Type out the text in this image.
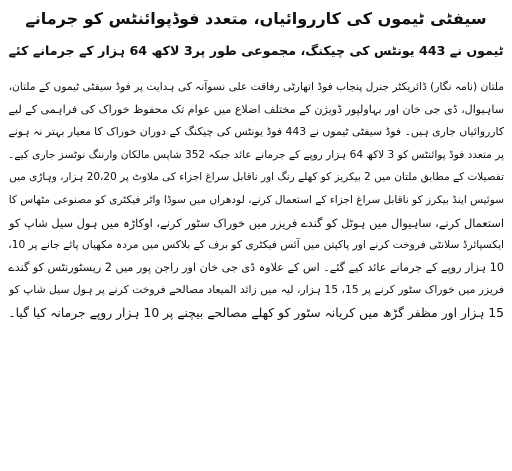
سیفٹی ٹیموں کی کارروائیاں، متعدد فوڈپوائنٹس کو جرمانے
ٹیموں نے 443 یونٹس کی چیکنگ، مجموعی طور پر3 لاکھ 64 ہزار کے جرمانے کئے
ملتان (نامہ نگار) ڈائریکٹر جنرل پنجاب فوڈ اتھارٹی رفاقت علی نسوآنہ کی ہدایت پر فوڈ سیفٹی ٹیموں کے ملتان،
ساہیوال، ڈی جی خان اور بہاولپور ڈویژن کے مختلف اضلاع میں عوام تک محفوظ خوراک کی فراہمی کے لیے
کارروائیاں جاری ہیں۔ فوڈ سیفٹی ٹیموں نے 443 فوڈ یونٹس کی چیکنگ کے دوران خوراک کا معیار بہتر نہ ہونے
پر متعدد فوڈ پوائنٹس کو 3 لاکھ 64 ہزار روپے کے جرمانے عائد جبکہ 352 شاپس مالکان وارننگ نوٹسز جاری کیے۔
تفصیلات کے مطابق ملتان میں 2 بیکریز کو کھلے رنگ اور ناقابل سراغ اجزاء کی ملاوٹ پر 20،20 ہزار، وہاڑی میں
سوئیس اینڈ بیکرز کو ناقابل سراغ اجزاء کے استعمال کرنے، لودھراں میں سوڈا واٹر فیکٹری کو مصنوعی مٹھاس کا
استعمال کرنے، ساہیوال میں ہوٹل کو گندے فریزر میں خوراک سٹور کرنے، اوکاڑہ میں ہول سیل شاپ کو
ایکسپائرڈ سلانٹی فروخت کرنے اور پاکپتن میں آئس فیکٹری کو برف کے بلاکس میں مردہ مکھیاں پائے جانے پر 10،
10 ہزار روپے کے جرمانے عائد کیے گئے۔ اس کے علاوہ ڈی جی خان اور راجن پور میں 2 ریسٹورنٹس کو گندے
فریزر میں خوراک سٹور کرنے پر 15، 15 ہزار، لیہ میں زائد المیعاد مصالحے فروخت کرنے پر ہول سیل شاپ کو
15 ہزار اور مظفر گڑھ میں کریانہ سٹور کو کھلے مصالحے بیچنے پر 10 ہزار روپے جرمانہ کیا گیا۔
